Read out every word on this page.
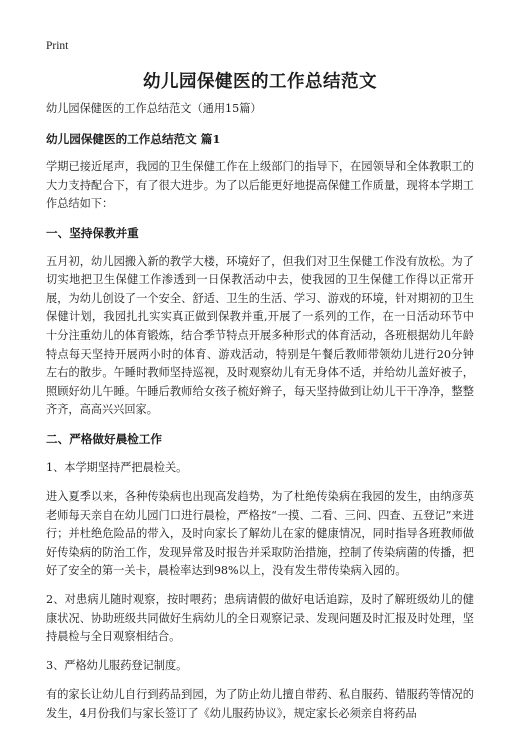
Print
幼儿园保健医的工作总结范文

幼儿园保健医的工作总结范文（通用15篇）

幼儿园保健医的工作总结范文 篇1

学期已接近尾声，我园的卫生保健工作在上级部门的指导下，在园领导和全体教职工的大力支持配合下，有了很大进步。为了以后能更好地提高保健工作质量，现将本学期工作总结如下：

一、坚持保教并重

五月初，幼儿园搬入新的教学大楼，环境好了，但我们对卫生保健工作没有放松。为了切实地把卫生保健工作渗透到一日保教活动中去，使我园的卫生保健工作得以正常开展，为幼儿创设了一个安全、舒适、卫生的生活、学习、游戏的环境，针对期初的卫生保健计划，我园扎扎实实真正做到保教并重,开展了一系列的工作，在一日活动环节中十分注重幼儿的体育锻炼，结合季节特点开展多种形式的体育活动，各班根据幼儿年龄特点每天坚持开展两小时的体育、游戏活动，特别是午餐后教师带领幼儿进行20分钟左右的散步。午睡时教师坚持巡视，及时观察幼儿有无身体不适，并给幼儿盖好被子，照顾好幼儿午睡。午睡后教师给女孩子梳好辫子，每天坚持做到让幼儿干干净净，整整齐齐，高高兴兴回家。

二、严格做好晨检工作

1、本学期坚持严把晨检关。

进入夏季以来，各种传染病也出现高发趋势，为了杜绝传染病在我园的发生，由纳彦英老师每天亲自在幼儿园门口进行晨检，严格按“一摸、二看、三问、四查、五登记”来进行；并杜绝危险品的带入，及时向家长了解幼儿在家的健康情况，同时指导各班教师做好传染病的防治工作，发现异常及时报告并采取防治措施，控制了传染病菌的传播，把好了安全的第一关卡，晨检率达到98%以上，没有发生带传染病入园的。

2、对患病儿随时观察，按时喂药；患病请假的做好电话追踪，及时了解班级幼儿的健康状况、协助班级共同做好生病幼儿的全日观察记录、发现问题及时汇报及时处理，坚持晨检与全日观察相结合。

3、严格幼儿服药登记制度。

有的家长让幼儿自行到药品到园，为了防止幼儿擅自带药、私自服药、错服药等情况的发生，4月份我们与家长签订了《幼儿服药协议》，规定家长必须亲自将药品
